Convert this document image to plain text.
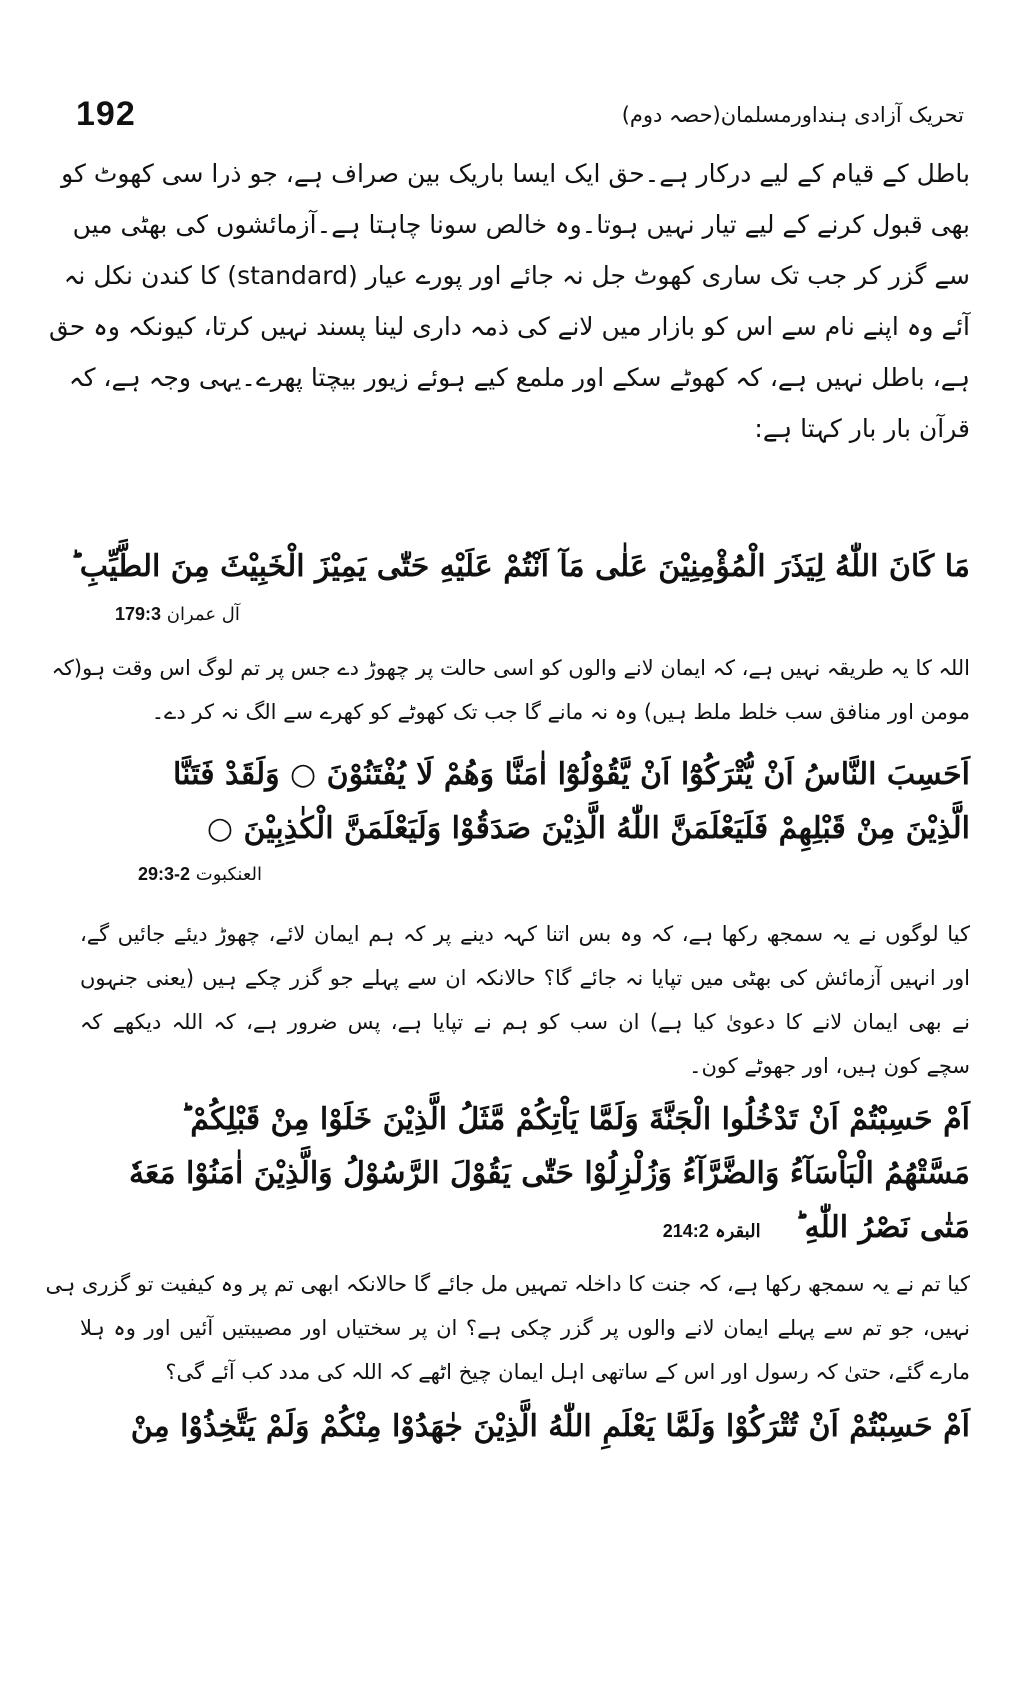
192	تحریک آزادی ہنداورمسلمان(حصہ دوم)
باطل کے قیام کے لیے درکار ہے۔حق ایک ایسا باریک بین صراف ہے، جو ذرا سی کھوٹ کو
بھی قبول کرنے کے لیے تیار نہیں ہوتا۔وہ خالص سونا چاہتا ہے۔آزمائشوں کی بھٹی میں
سے گزر کر جب تک ساری کھوٹ جل نہ جائے اور پورے عیار (standard) کا کندن نکل نہ
آئے وہ اپنے نام سے اس کو بازار میں لانے کی ذمہ داری لینا پسند نہیں کرتا، کیونکہ وہ حق
ہے، باطل نہیں ہے، کہ کھوٹے سکے اور ملمع کیے ہوئے زیور بیچتا پھرے۔یہی وجہ ہے، کہ
قرآن بار بار کہتا ہے:
مَا كَانَ اللّٰهُ لِيَذَرَ الْمُؤْمِنِيْنَ عَلٰى مَآ اَنْتُمْ عَلَيْهِ حَتّٰى يَمِيْزَ الْخَبِيْثَ مِنَ الطَّيِّبِ ؕ
آل عمران 179:3
اللہ کا یہ طریقہ نہیں ہے، کہ ایمان لانے والوں کو اسی حالت پر چھوڑ دے جس پر تم لوگ اس وقت ہو(کہ
مومن اور منافق سب خلط ملط ہیں) وہ نہ مانے گا جب تک کھوٹے کو کھرے سے الگ نہ کر دے۔
اَحَسِبَ النَّاسُ اَنْ يُّتْرَكُوْٓا اَنْ يَّقُوْلُوْٓا اٰمَنَّا وَهُمْ لَا يُفْتَنُوْنَ ○ وَلَقَدْ فَتَنَّا
الَّذِيْنَ مِنْ قَبْلِهِمْ فَلَيَعْلَمَنَّ اللّٰهُ الَّذِيْنَ صَدَقُوْا وَلَيَعْلَمَنَّ الْكٰذِبِيْنَ ○
العنکبوت 29:3-2
کیا لوگوں نے یہ سمجھ رکھا ہے، کہ وہ بس اتنا کہہ دینے پر کہ ہم ایمان لائے، چھوڑ دیئے جائیں گے،
اور انہیں آزمائش کی بھٹی میں تپایا نہ جائے گا؟ حالانکہ ان سے پہلے جو گزر چکے ہیں (یعنی جنہوں
نے بھی ایمان لانے کا دعویٰ کیا ہے) ان سب کو ہم نے تپایا ہے، پس ضرور ہے، کہ اللہ دیکھے کہ
سچے کون ہیں، اور جھوٹے کون۔
اَمْ حَسِبْتُمْ اَنْ تَدْخُلُوا الْجَنَّةَ وَلَمَّا يَاْتِكُمْ مَّثَلُ الَّذِيْنَ خَلَوْا مِنْ قَبْلِكُمْ ؕ
مَسَّتْهُمُ الْبَاْسَآءُ وَالضَّرَّآءُ وَزُلْزِلُوْا حَتّٰى يَقُوْلَ الرَّسُوْلُ وَالَّذِيْنَ اٰمَنُوْا مَعَهٗ
مَتٰى نَصْرُ اللّٰهِ ؕ البقرہ 214:2
کیا تم نے یہ سمجھ رکھا ہے، کہ جنت کا داخلہ تمہیں مل جائے گا حالانکہ ابھی تم پر وہ کیفیت تو گزری ہی
نہیں، جو تم سے پہلے ایمان لانے والوں پر گزر چکی ہے؟ ان پر سختیاں اور مصیبتیں آئیں اور وہ ہلا
مارے گئے، حتیٰ کہ رسول اور اس کے ساتھی اہل ایمان چیخ اٹھے کہ اللہ کی مدد کب آئے گی؟
اَمْ حَسِبْتُمْ اَنْ تُتْرَكُوْا وَلَمَّا يَعْلَمِ اللّٰهُ الَّذِيْنَ جٰهَدُوْا مِنْكُمْ وَلَمْ يَتَّخِذُوْا مِنْ
